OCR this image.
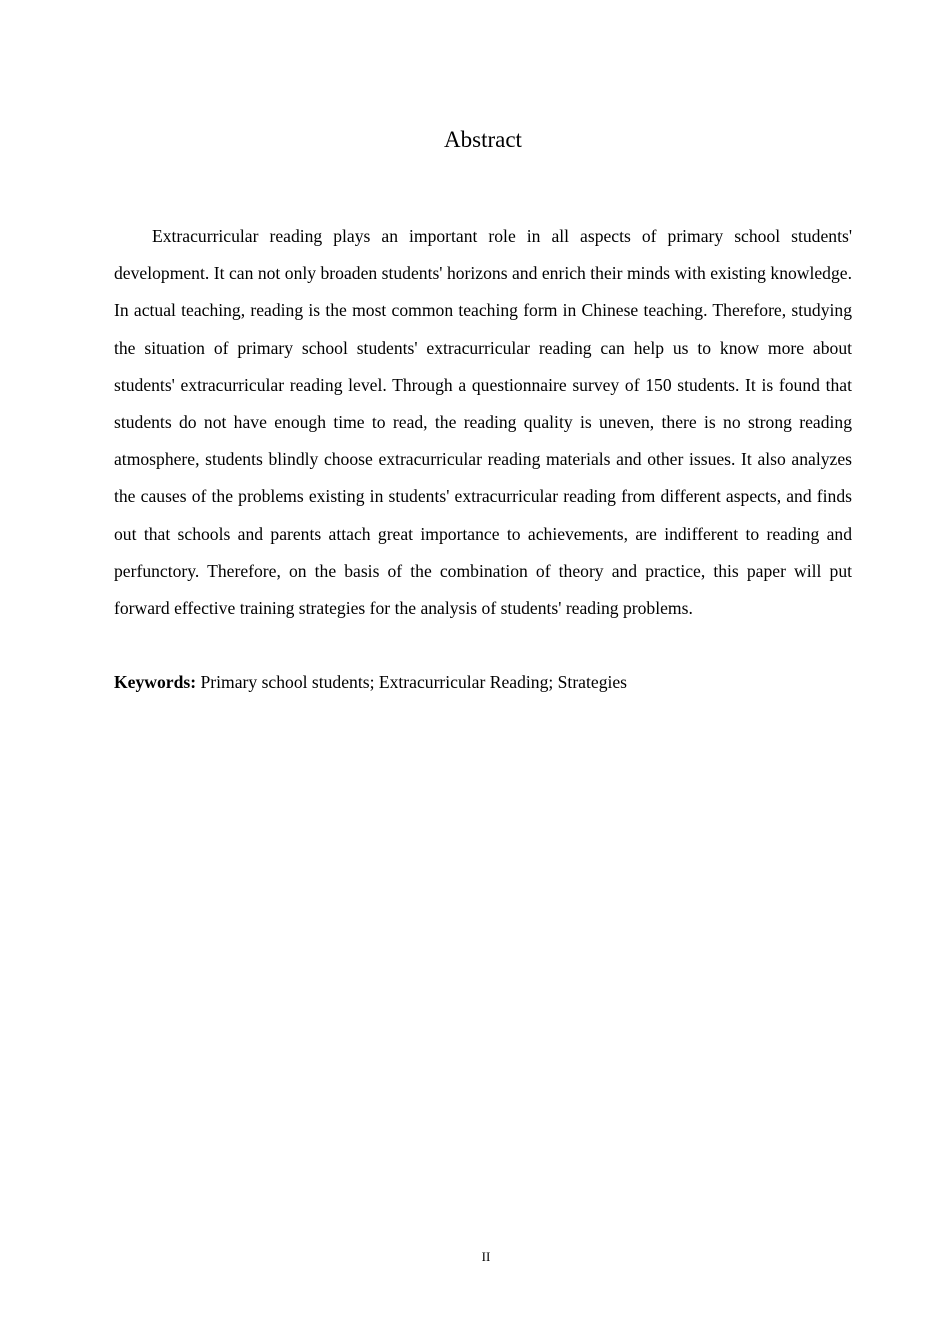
Abstract

Extracurricular reading plays an important role in all aspects of primary school students' development. It can not only broaden students' horizons and enrich their minds with existing knowledge. In actual teaching, reading is the most common teaching form in Chinese teaching. Therefore, studying the situation of primary school students' extracurricular reading can help us to know more about students' extracurricular reading level. Through a questionnaire survey of 150 students. It is found that students do not have enough time to read, the reading quality is uneven, there is no strong reading atmosphere, students blindly choose extracurricular reading materials and other issues. It also analyzes the causes of the problems existing in students' extracurricular reading from different aspects, and finds out that schools and parents attach great importance to achievements, are indifferent to reading and perfunctory. Therefore, on the basis of the combination of theory and practice, this paper will put forward effective training strategies for the analysis of students' reading problems.

Keywords: Primary school students; Extracurricular Reading; Strategies

II
